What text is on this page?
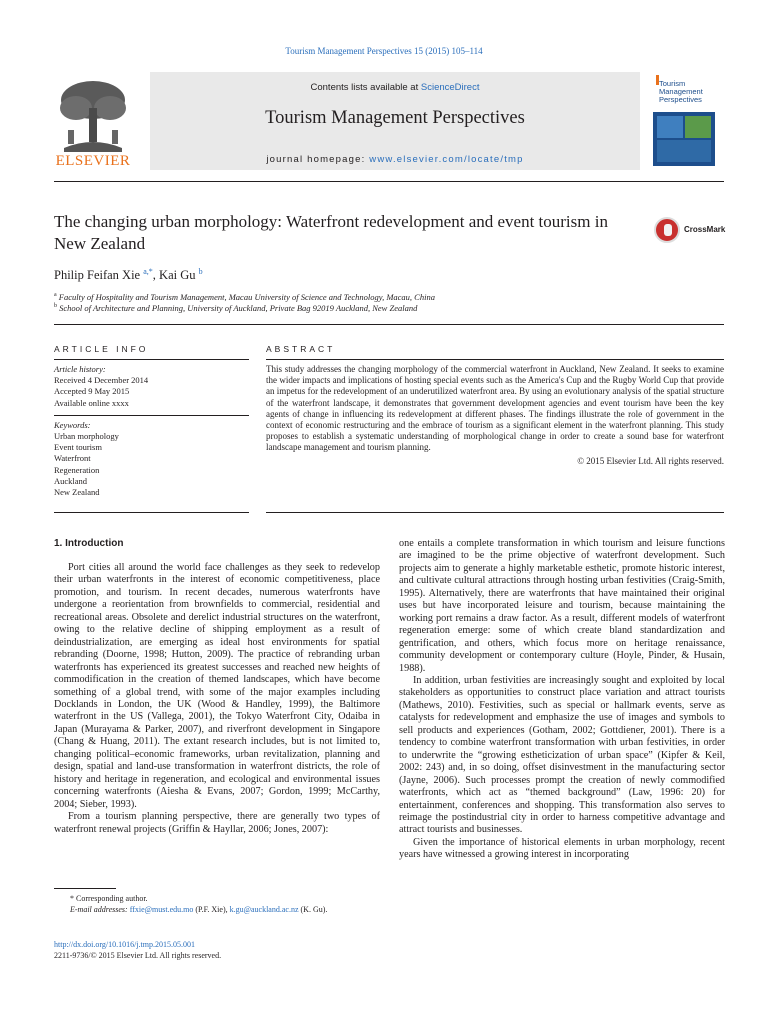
Tourism Management Perspectives 15 (2015) 105–114
ELSEVIER
Contents lists available at ScienceDirect
Tourism Management Perspectives
journal homepage: www.elsevier.com/locate/tmp
Tourism
Management
Perspectives
The changing urban morphology: Waterfront redevelopment and event tourism in New Zealand
CrossMark
Philip Feifan Xie $^{a,*}$, Kai Gu $^b$
$^a$ Faculty of Hospitality and Tourism Management, Macau University of Science and Technology, Macau, China
$^b$ School of Architecture and Planning, University of Auckland, Private Bag 92019 Auckland, New Zealand
ARTICLE INFO	ABSTRACT
Article history:
Received 4 December 2014
Accepted 9 May 2015
Available online xxxx
Keywords:
Urban morphology
Event tourism
Waterfront
Regeneration
Auckland
New Zealand
This study addresses the changing morphology of the commercial waterfront in Auckland, New Zealand. It seeks to examine the wider impacts and implications of hosting special events such as the America's Cup and the Rugby World Cup that provide an impetus for the redevelopment of an underutilized waterfront area. By using an evolutionary analysis of the spatial structure of the waterfront landscape, it demonstrates that government development agencies and event tourism have been the key agents of change in influencing its redevelopment at different phases. The findings illustrate the role of government in the context of economic restructuring and the embrace of tourism as a significant element in the waterfront planning. This study proposes to establish a systematic understanding of morphological change in order to create a sound base for waterfront landscape management and tourism planning.
© 2015 Elsevier Ltd. All rights reserved.
1. Introduction

Port cities all around the world face challenges as they seek to redevelop their urban waterfronts in the interest of economic competitiveness, place promotion, and tourism. In recent decades, numerous waterfronts have undergone a reorientation from brownfields to commercial, residential and recreational areas. Obsolete and derelict industrial structures on the waterfront, owing to the relative decline of shipping employment as a result of deindustrialization, are emerging as ideal host environments for spatial rebranding (Doorne, 1998; Hutton, 2009). The practice of rebranding urban waterfronts has experienced its greatest successes and reached new heights of commodification in the creation of themed landscapes, which have become something of a global trend, with some of the major examples including Docklands in London, the UK (Wood & Handley, 1999), the Baltimore waterfront in the US (Vallega, 2001), the Tokyo Waterfront City, Odaiba in Japan (Murayama & Parker, 2007), and riverfront development in Singapore (Chang & Huang, 2011). The extant research includes, but is not limited to, changing political–economic frameworks, urban revitalization, planning and design, spatial and land-use transformation in waterfront districts, the role of history and heritage in regeneration, and ecological and environmental issues concerning waterfronts (Aiesha & Evans, 2007; Gordon, 1999; McCarthy, 2004; Sieber, 1993).

From a tourism planning perspective, there are generally two types of waterfront renewal projects (Griffin & Hayllar, 2006; Jones, 2007):

one entails a complete transformation in which tourism and leisure functions are imagined to be the prime objective of waterfront development. Such projects aim to generate a highly marketable esthetic, promote historic interest, and cultivate cultural attractions through hosting urban festivities (Craig-Smith, 1995). Alternatively, there are waterfronts that have maintained their original uses but have incorporated leisure and tourism, because maintaining the working port remains a draw factor. As a result, different models of waterfront regeneration emerge: some of which create bland standardization and gentrification, and others, which focus more on heritage renaissance, community development or contemporary culture (Hoyle, Pinder, & Husain, 1988).

In addition, urban festivities are increasingly sought and exploited by local stakeholders as opportunities to construct place variation and attract tourists (Mathews, 2010). Festivities, such as special or hallmark events, serve as catalysts for redevelopment and emphasize the use of images and symbols to sell products and experiences (Gotham, 2002; Gottdiener, 2001). There is a tendency to combine waterfront transformation with urban festivities, in order to underwrite the “growing estheticization of urban space” (Kipfer & Keil, 2002: 243) and, in so doing, offset disinvestment in the manufacturing sector (Jayne, 2006). Such processes prompt the creation of newly commodified waterfronts, which act as “themed background” (Law, 1996: 20) for entertainment, conferences and shopping. This transformation also serves to reimage the postindustrial city in order to harness competitive advantage and attract tourists and businesses.

Given the importance of historical elements in urban morphology, recent years have witnessed a growing interest in incorporating

* Corresponding author.
E-mail addresses: ffxie@must.edu.mo (P.F. Xie), k.gu@auckland.ac.nz (K. Gu).
http://dx.doi.org/10.1016/j.tmp.2015.05.001
2211-9736/© 2015 Elsevier Ltd. All rights reserved.
